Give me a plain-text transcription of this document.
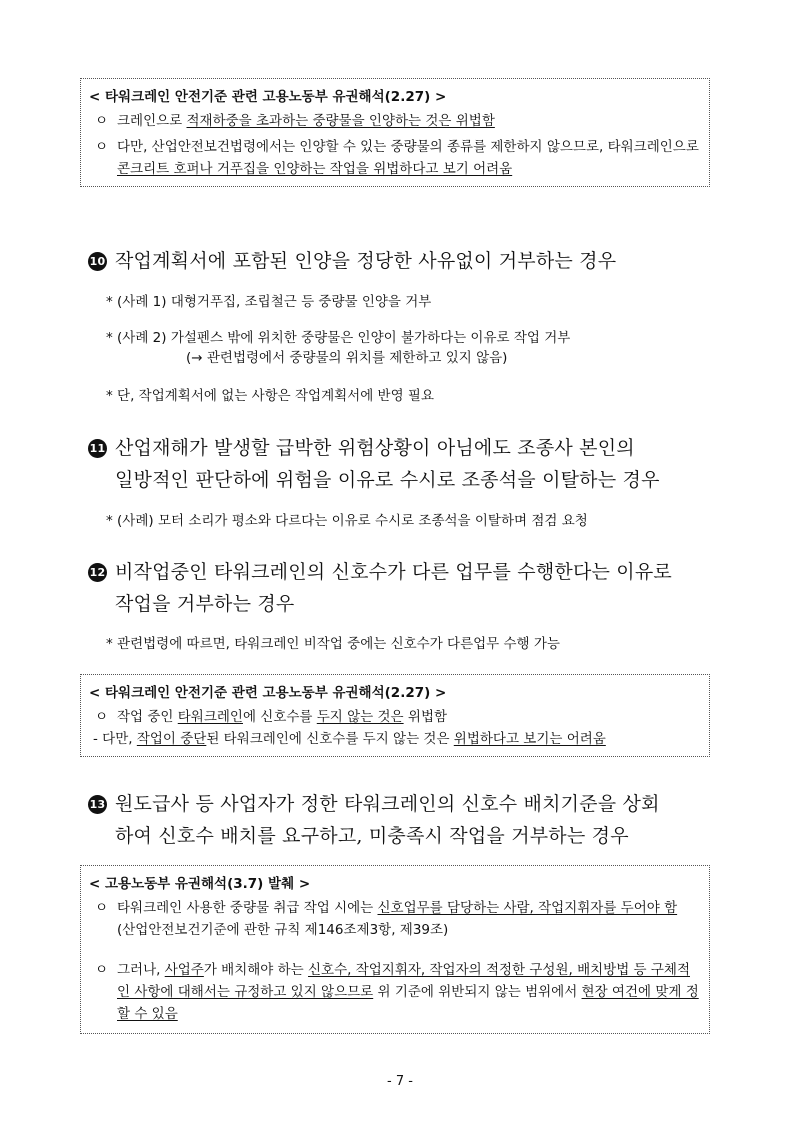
< 타워크레인 안전기준 관련 고용노동부 유권해석(2.27) >
ㅇ 크레인으로 적재하중을 초과하는 중량물을 인양하는 것은 위법함
ㅇ 다만, 산업안전보건법령에서는 인양할 수 있는 중량물의 종류를 제한하지 않으므로, 타워크레인으로 콘크리트 호퍼나 거푸집을 인양하는 작업을 위법하다고 보기 어려움
10 작업계획서에 포함된 인양을 정당한 사유없이 거부하는 경우
* (사례 1) 대형거푸집, 조립철근 등 중량물 인양을 거부
* (사례 2) 가설펜스 밖에 위치한 중량물은 인양이 불가하다는 이유로 작업 거부
(→ 관련법령에서 중량물의 위치를 제한하고 있지 않음)
* 단, 작업계획서에 없는 사항은 작업계획서에 반영 필요
11 산업재해가 발생할 급박한 위험상황이 아님에도 조종사 본인의
일방적인 판단하에 위험을 이유로 수시로 조종석을 이탈하는 경우
* (사례) 모터 소리가 평소와 다르다는 이유로 수시로 조종석을 이탈하며 점검 요청
12 비작업중인 타워크레인의 신호수가 다른 업무를 수행한다는 이유로
작업을 거부하는 경우
* 관련법령에 따르면, 타워크레인 비작업 중에는 신호수가 다른업무 수행 가능
< 타워크레인 안전기준 관련 고용노동부 유권해석(2.27) >
ㅇ 작업 중인 타워크레인에 신호수를 두지 않는 것은 위법함
- 다만, 작업이 중단된 타워크레인에 신호수를 두지 않는 것은 위법하다고 보기는 어려움
13 원도급사 등 사업자가 정한 타워크레인의 신호수 배치기준을 상회
하여 신호수 배치를 요구하고, 미충족시 작업을 거부하는 경우
< 고용노동부 유권해석(3.7) 발췌 >
ㅇ 타워크레인 사용한 중량물 취급 작업 시에는 신호업무를 담당하는 사람, 작업지휘자를 두어야 함 (산업안전보건기준에 관한 규칙 제146조제3항, 제39조)
ㅇ 그러나, 사업주가 배치해야 하는 신호수, 작업지휘자, 작업자의 적정한 구성원, 배치방법 등 구체적인 사항에 대해서는 규정하고 있지 않으므로 위 기준에 위반되지 않는 범위에서 현장 여건에 맞게 정할 수 있음
- 7 -
